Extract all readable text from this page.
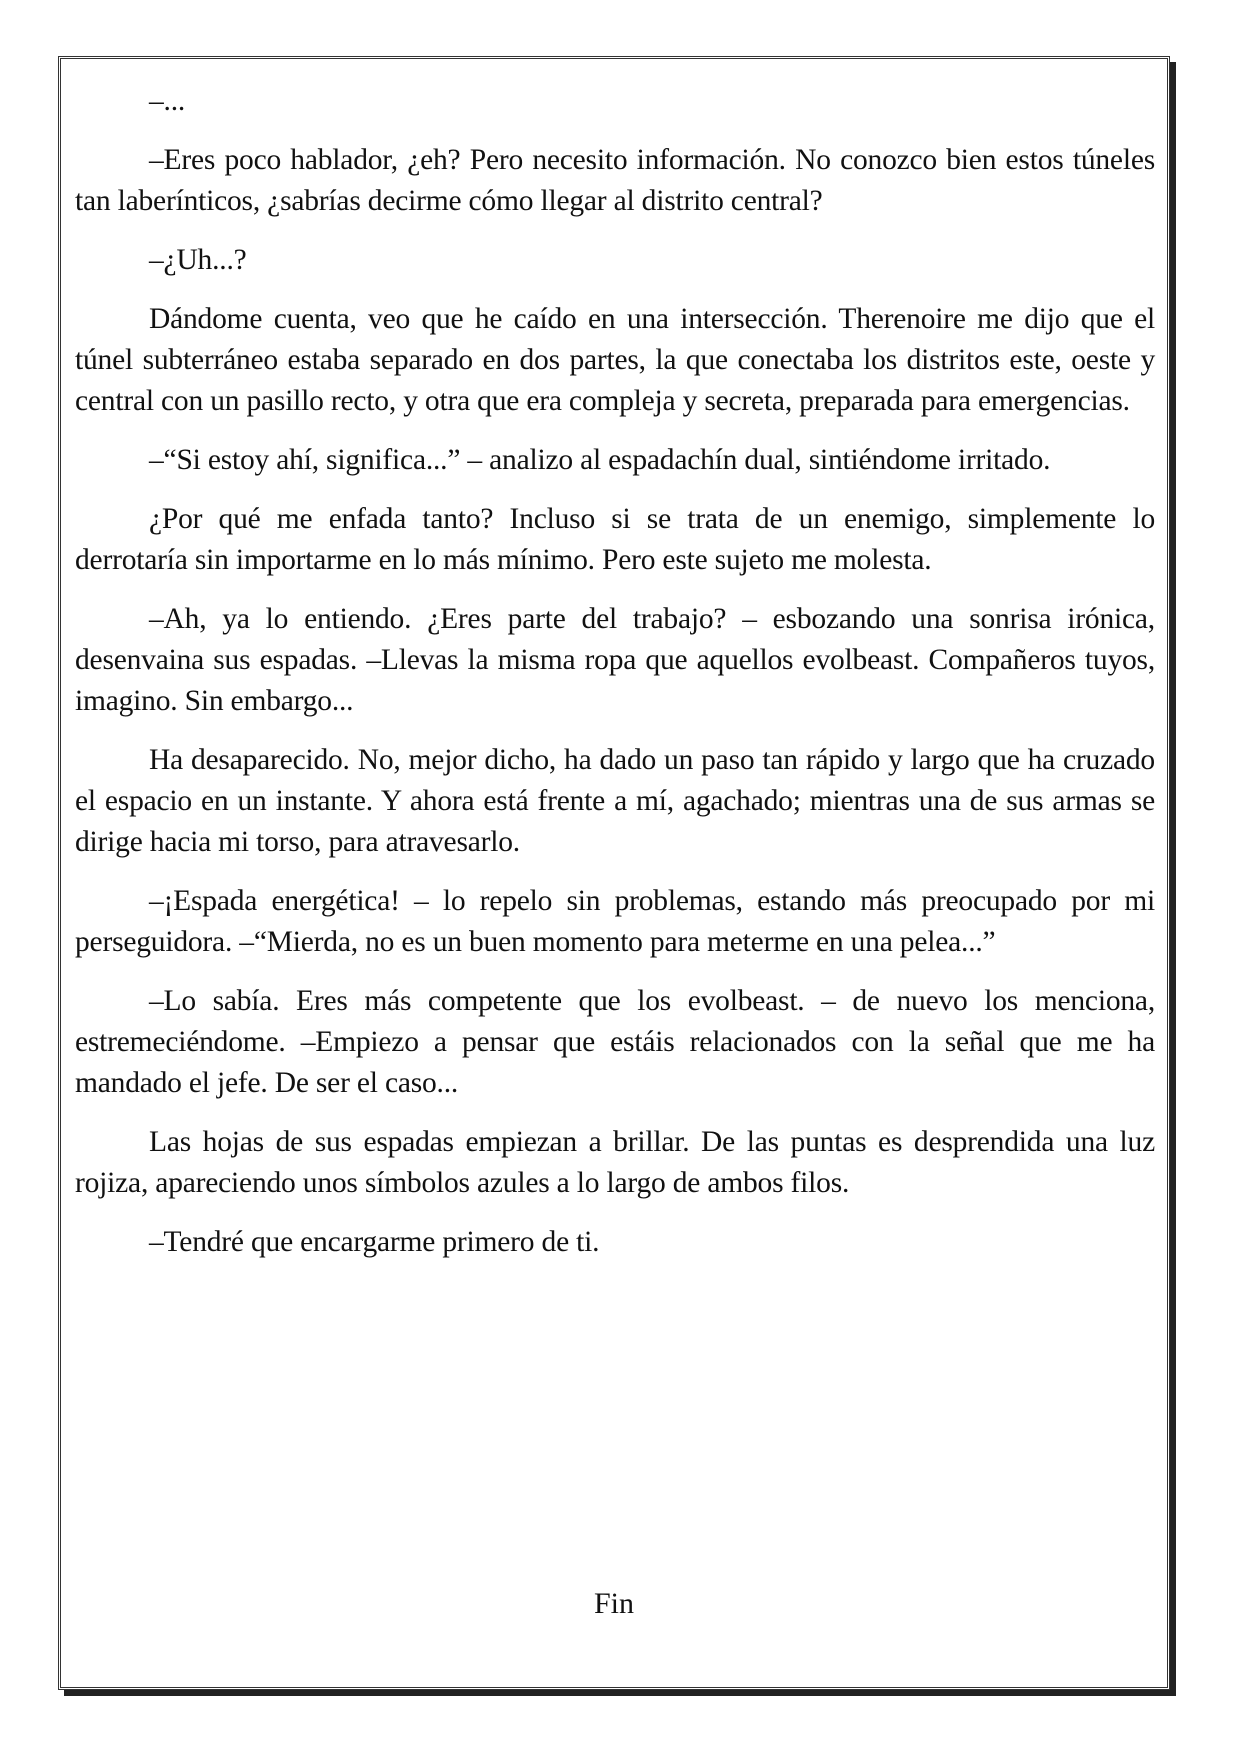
–...

–Eres poco hablador, ¿eh? Pero necesito información. No conozco bien estos túneles tan laberínticos, ¿sabrías decirme cómo llegar al distrito central?

–¿Uh...?

Dándome cuenta, veo que he caído en una intersección. Therenoire me dijo que el túnel subterráneo estaba separado en dos partes, la que conectaba los distritos este, oeste y central con un pasillo recto, y otra que era compleja y secreta, preparada para emergencias.

–“Si estoy ahí, significa...” – analizo al espadachín dual, sintiéndome irritado.

¿Por qué me enfada tanto? Incluso si se trata de un enemigo, simplemente lo derrotaría sin importarme en lo más mínimo. Pero este sujeto me molesta.

–Ah, ya lo entiendo. ¿Eres parte del trabajo? – esbozando una sonrisa irónica, desenvaina sus espadas. –Llevas la misma ropa que aquellos evolbeast. Compañeros tuyos, imagino. Sin embargo...

Ha desaparecido. No, mejor dicho, ha dado un paso tan rápido y largo que ha cruzado el espacio en un instante. Y ahora está frente a mí, agachado; mientras una de sus armas se dirige hacia mi torso, para atravesarlo.

–¡Espada energética! – lo repelo sin problemas, estando más preocupado por mi perseguidora. –“Mierda, no es un buen momento para meterme en una pelea...”

–Lo sabía. Eres más competente que los evolbeast. – de nuevo los menciona, estremeciéndome. –Empiezo a pensar que estáis relacionados con la señal que me ha mandado el jefe. De ser el caso...

Las hojas de sus espadas empiezan a brillar. De las puntas es desprendida una luz rojiza, apareciendo unos símbolos azules a lo largo de ambos filos.

–Tendré que encargarme primero de ti.

Fin
